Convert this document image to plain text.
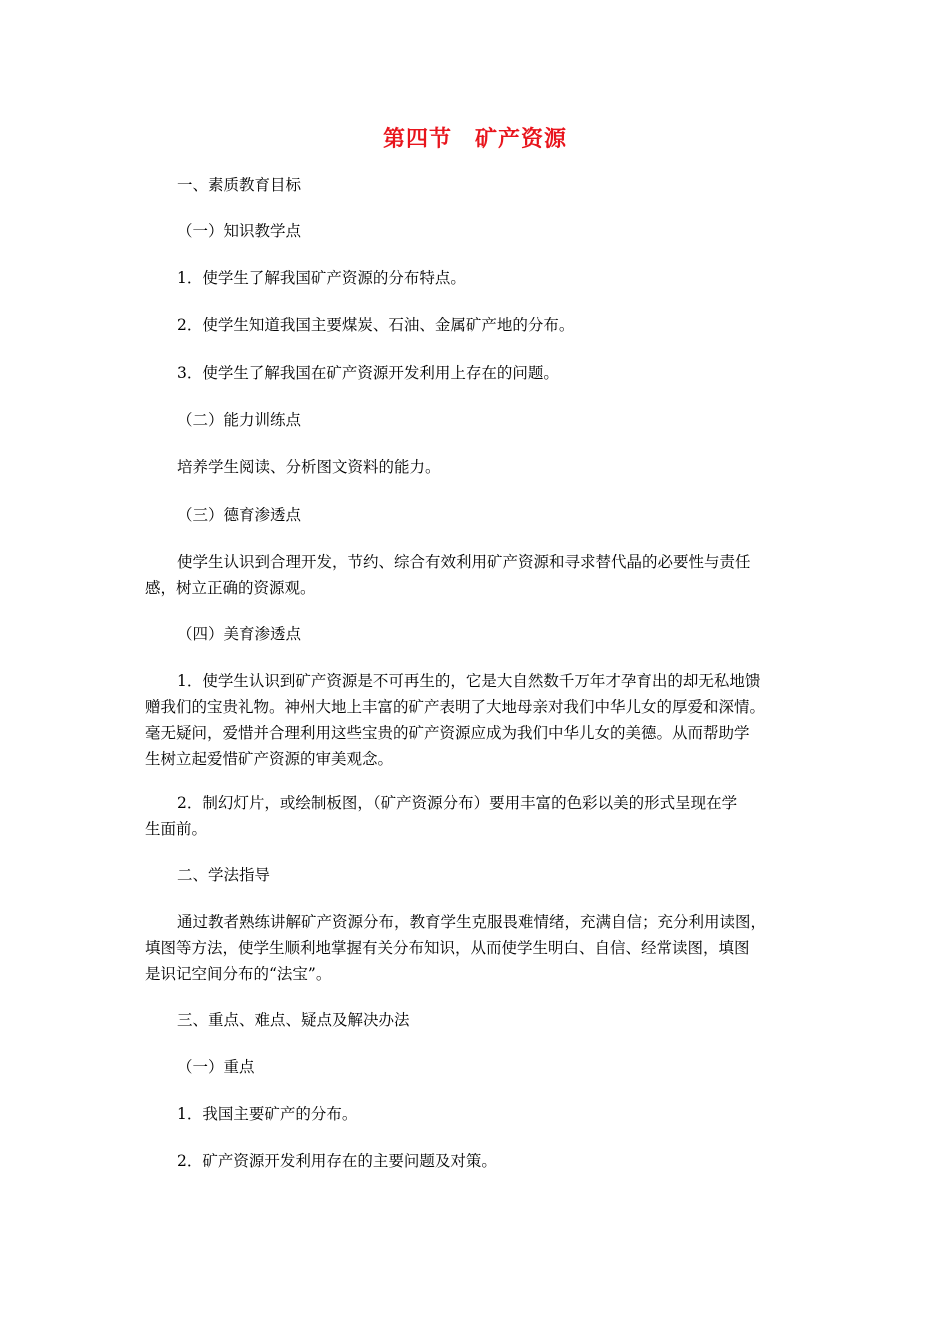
第四节　矿产资源
一、素质教育目标
（一）知识教学点
1．使学生了解我国矿产资源的分布特点。
2．使学生知道我国主要煤炭、石油、金属矿产地的分布。
3．使学生了解我国在矿产资源开发利用上存在的问题。
（二）能力训练点
培养学生阅读、分析图文资料的能力。
（三）德育渗透点
使学生认识到合理开发，节约、综合有效利用矿产资源和寻求替代晶的必要性与责任
感，树立正确的资源观。
（四）美育渗透点
1．使学生认识到矿产资源是不可再生的，它是大自然数千万年才孕育出的却无私地馈
赠我们的宝贵礼物。神州大地上丰富的矿产表明了大地母亲对我们中华儿女的厚爱和深情。
毫无疑问，爱惜并合理利用这些宝贵的矿产资源应成为我们中华儿女的美德。从而帮助学
生树立起爱惜矿产资源的审美观念。
2．制幻灯片，或绘制板图，（矿产资源分布）要用丰富的色彩以美的形式呈现在学
生面前。
二、学法指导
通过教者熟练讲解矿产资源分布，教育学生克服畏难情绪，充满自信；充分利用读图，
填图等方法，使学生顺利地掌握有关分布知识，从而使学生明白、自信、经常读图，填图
是识记空间分布的“法宝”。
三、重点、难点、疑点及解决办法
（一）重点
1．我国主要矿产的分布。
2．矿产资源开发利用存在的主要问题及对策。
